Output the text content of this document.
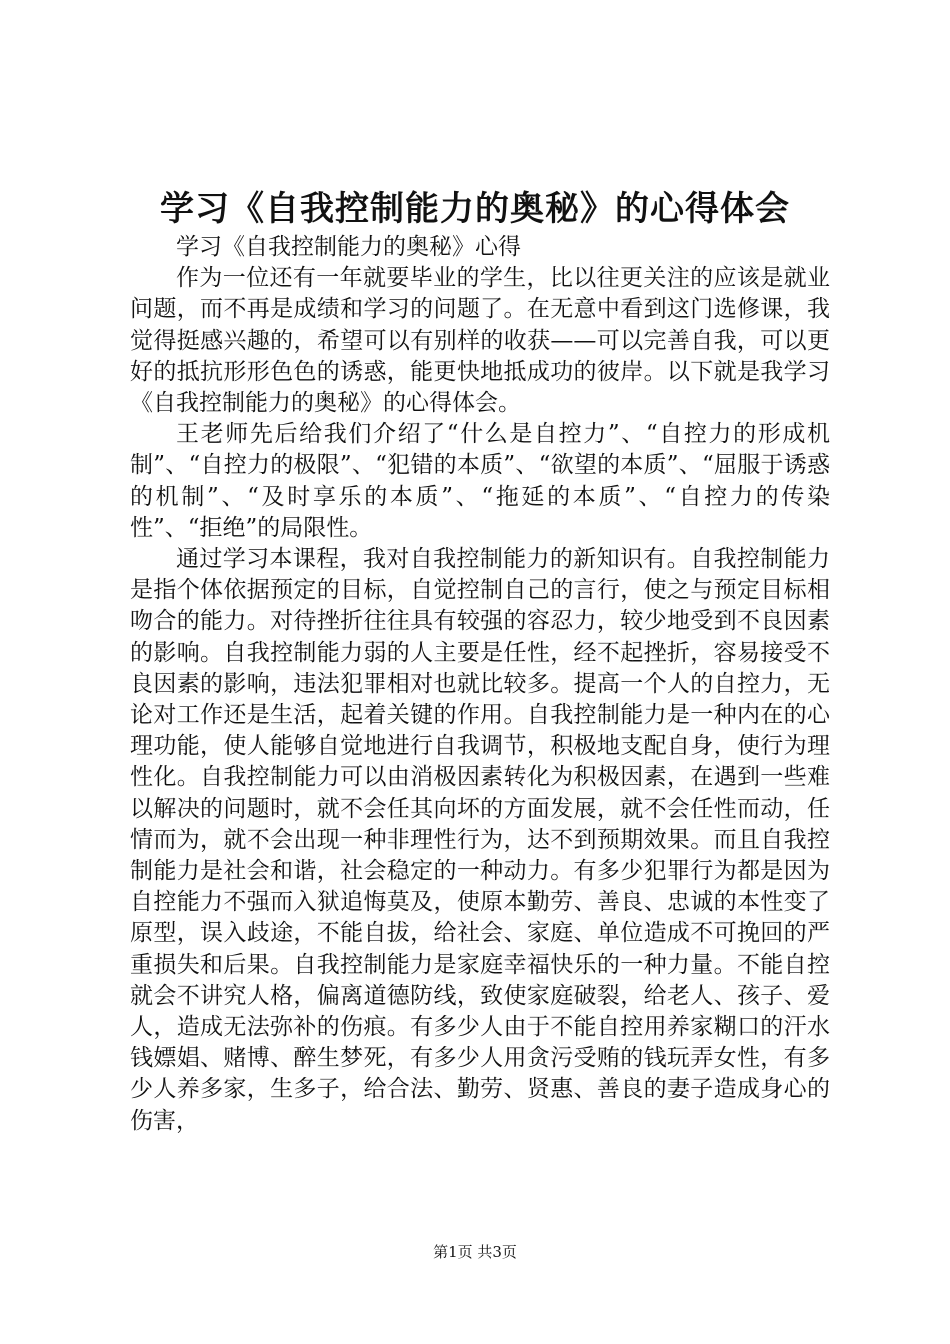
学习《自我控制能力的奥秘》的心得体会

学习《自我控制能力的奥秘》心得

作为一位还有一年就要毕业的学生，比以往更关注的应该是就业问题，而不再是成绩和学习的问题了。在无意中看到这门选修课，我觉得挺感兴趣的，希望可以有别样的收获——可以完善自我，可以更好的抵抗形形色色的诱惑，能更快地抵成功的彼岸。以下就是我学习《自我控制能力的奥秘》的心得体会。

王老师先后给我们介绍了“什么是自控力”、“自控力的形成机制”、“自控力的极限”、“犯错的本质”、“欲望的本质”、“屈服于诱惑的机制”、“及时享乐的本质”、“拖延的本质”、“自控力的传染性”、“拒绝”的局限性。

通过学习本课程，我对自我控制能力的新知识有。自我控制能力是指个体依据预定的目标，自觉控制自己的言行，使之与预定目标相吻合的能力。对待挫折往往具有较强的容忍力，较少地受到不良因素的影响。自我控制能力弱的人主要是任性，经不起挫折，容易接受不良因素的影响，违法犯罪相对也就比较多。提高一个人的自控力，无论对工作还是生活，起着关键的作用。自我控制能力是一种内在的心理功能，使人能够自觉地进行自我调节，积极地支配自身，使行为理性化。自我控制能力可以由消极因素转化为积极因素，在遇到一些难以解决的问题时，就不会任其向坏的方面发展，就不会任性而动，任情而为，就不会出现一种非理性行为，达不到预期效果。而且自我控制能力是社会和谐，社会稳定的一种动力。有多少犯罪行为都是因为自控能力不强而入狱追悔莫及，使原本勤劳、善良、忠诚的本性变了原型，误入歧途，不能自拔，给社会、家庭、单位造成不可挽回的严重损失和后果。自我控制能力是家庭幸福快乐的一种力量。不能自控就会不讲究人格，偏离道德防线，致使家庭破裂，给老人、孩子、爱人，造成无法弥补的伤痕。有多少人由于不能自控用养家糊口的汗水钱嫖娼、赌博、醉生梦死，有多少人用贪污受贿的钱玩弄女性，有多少人养多家，生多子，给合法、勤劳、贤惠、善良的妻子造成身心的伤害，

第1页 共3页
